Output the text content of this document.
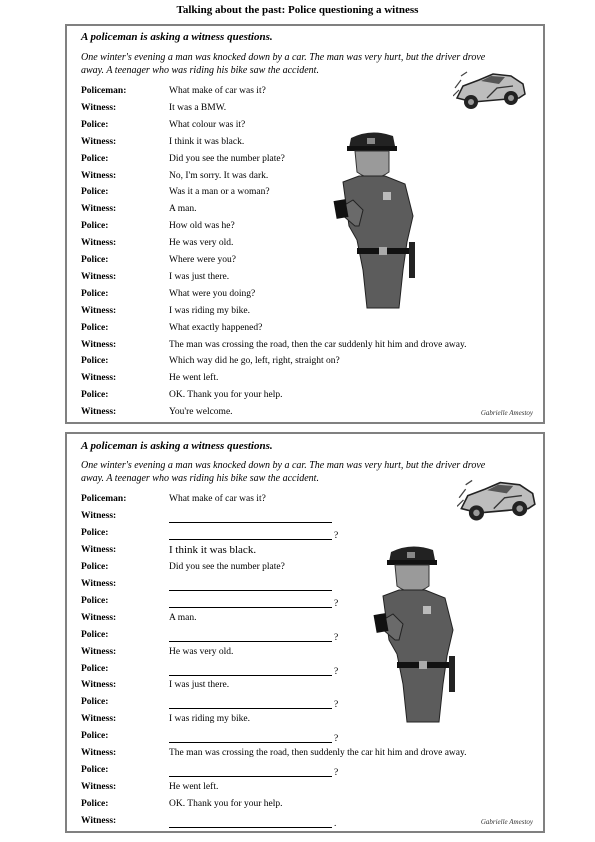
Talking about the past: Police questioning a witness
A policeman is asking a witness questions.
One winter's evening a man was knocked down by a car. The man was very hurt, but the driver drove away. A teenager who was riding his bike saw the accident.
Policeman:	What make of car was it?
Witness:	It was a BMW.
Police:	What colour was it?
Witness:	I think it was black.
Police:	Did you see the number plate?
Witness:	No, I'm sorry. It was dark.
Police:	Was it a man or a woman?
Witness:	A man.
Police:	How old was he?
Witness:	He was very old.
Police:	Where were you?
Witness:	I was just there.
Police:	What were you doing?
Witness:	I was riding my bike.
Police:	What exactly happened?
Witness:	The man was crossing the road, then the car suddenly hit him and drove away.
Police:	Which way did he go, left, right, straight on?
Witness:	He went left.
Police:	OK. Thank you for your help.
Witness:	You're welcome.	Gabrielle Amestoy
A policeman is asking a witness questions.
One winter's evening a man was knocked down by a car. The man was very hurt, but the driver drove away. A teenager who was riding his bike saw the accident.
Policeman:	What make of car was it?
Witness:
Police:	?
Witness:	I think it was black.
Police:	Did you see the number plate?
Witness:
Police:	?
Witness:	A man.
Police:	?
Witness:	He was very old.
Police:	?
Witness:	I was just there.
Police:	?
Witness:	I was riding my bike.
Police:	?
Witness:	The man was crossing the road, then suddenly the car hit him and drove away.
Police:	?
Witness:	He went left.
Police:	OK. Thank you for your help.
Witness:	.	Gabrielle Amestoy
